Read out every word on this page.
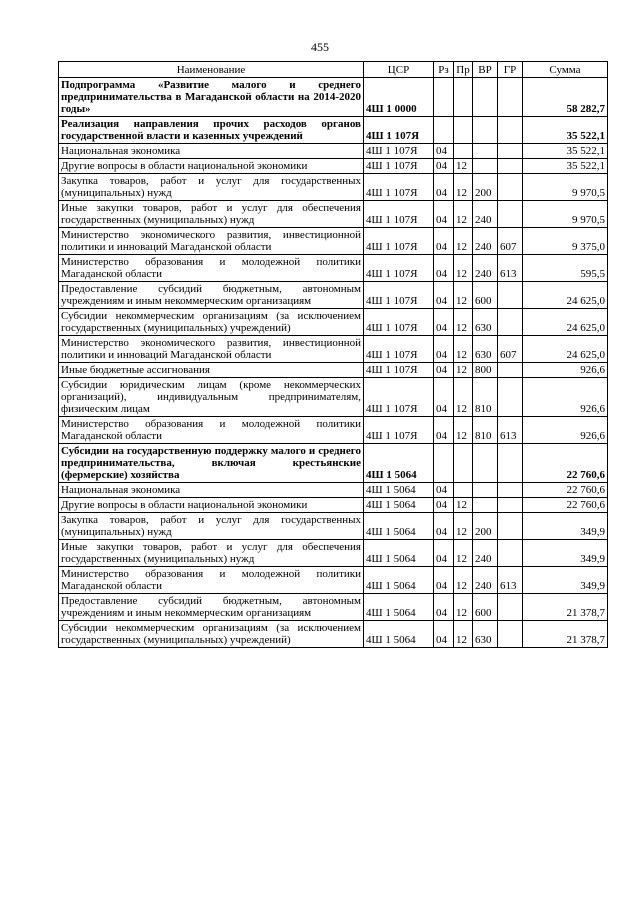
455
Наименование	ЦСР	Рз	Пр	ВР	ГР	Сумма
Подпрограмма «Развитие малого и среднего предпринимательства в Магаданской области на 2014-2020 годы»	4Ш 1 0000					58 282,7
Реализация направления прочих расходов органов государственной власти и казенных учреждений	4Ш 1 107Я					35 522,1
Национальная экономика	4Ш 1 107Я	04				35 522,1
Другие вопросы в области национальной экономики	4Ш 1 107Я	04	12			35 522,1
Закупка товаров, работ и услуг для государственных (муниципальных) нужд	4Ш 1 107Я	04	12	200		9 970,5
Иные закупки товаров, работ и услуг для обеспечения государственных (муниципальных) нужд	4Ш 1 107Я	04	12	240		9 970,5
Министерство экономического развития, инвестиционной политики и инноваций Магаданской области	4Ш 1 107Я	04	12	240	607	9 375,0
Министерство образования и молодежной политики Магаданской области	4Ш 1 107Я	04	12	240	613	595,5
Предоставление субсидий бюджетным, автономным учреждениям и иным некоммерческим организациям	4Ш 1 107Я	04	12	600		24 625,0
Субсидии некоммерческим организациям (за исключением государственных (муниципальных) учреждений)	4Ш 1 107Я	04	12	630		24 625,0
Министерство экономического развития, инвестиционной политики и инноваций Магаданской области	4Ш 1 107Я	04	12	630	607	24 625,0
Иные бюджетные ассигнования	4Ш 1 107Я	04	12	800		926,6
Субсидии юридическим лицам (кроме некоммерческих организаций), индивидуальным предпринимателям, физическим лицам	4Ш 1 107Я	04	12	810		926,6
Министерство образования и молодежной политики Магаданской области	4Ш 1 107Я	04	12	810	613	926,6
Субсидии на государственную поддержку малого и среднего предпринимательства, включая крестьянские (фермерские) хозяйства	4Ш 1 5064					22 760,6
Национальная экономика	4Ш 1 5064	04				22 760,6
Другие вопросы в области национальной экономики	4Ш 1 5064	04	12			22 760,6
Закупка товаров, работ и услуг для государственных (муниципальных) нужд	4Ш 1 5064	04	12	200		349,9
Иные закупки товаров, работ и услуг для обеспечения государственных (муниципальных) нужд	4Ш 1 5064	04	12	240		349,9
Министерство образования и молодежной политики Магаданской области	4Ш 1 5064	04	12	240	613	349,9
Предоставление субсидий бюджетным, автономным учреждениям и иным некоммерческим организациям	4Ш 1 5064	04	12	600		21 378,7
Субсидии некоммерческим организациям (за исключением государственных (муниципальных) учреждений)	4Ш 1 5064	04	12	630		21 378,7
